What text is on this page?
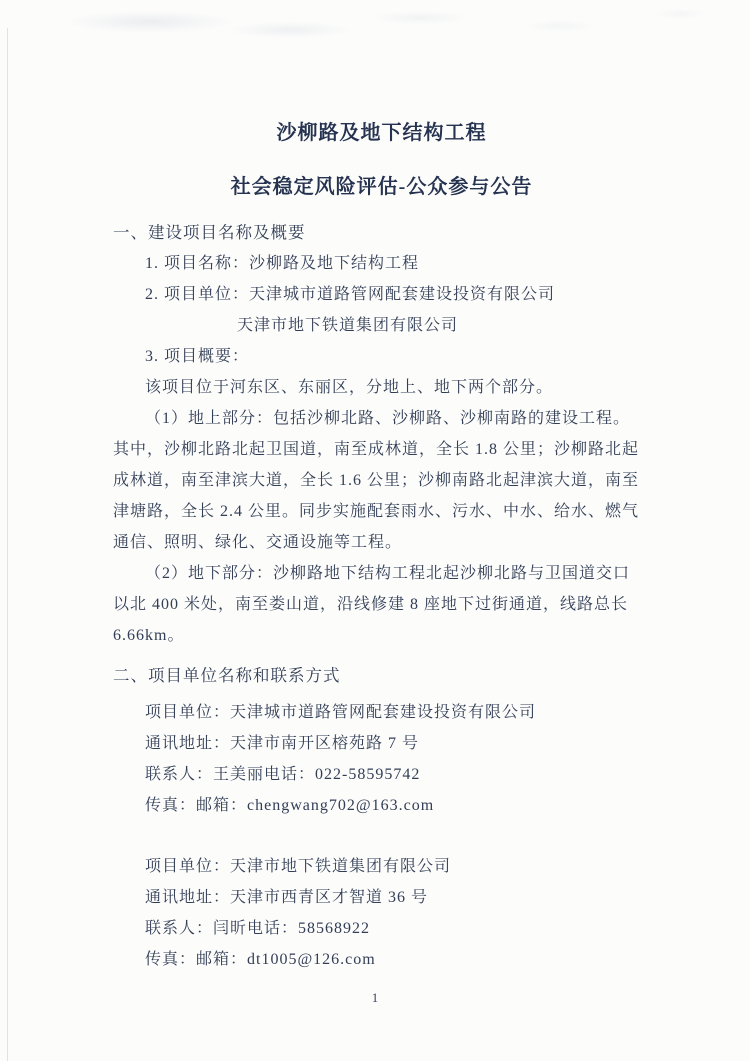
沙柳路及地下结构工程
社会稳定风险评估-公众参与公告
一、建设项目名称及概要
1. 项目名称：沙柳路及地下结构工程
2. 项目单位：天津城市道路管网配套建设投资有限公司
天津市地下铁道集团有限公司
3. 项目概要：
该项目位于河东区、东丽区，分地上、地下两个部分。
（1）地上部分：包括沙柳北路、沙柳路、沙柳南路的建设工程。
其中，沙柳北路北起卫国道，南至成林道，全长 1.8 公里；沙柳路北起
成林道，南至津滨大道，全长 1.6 公里；沙柳南路北起津滨大道，南至
津塘路，全长 2.4 公里。同步实施配套雨水、污水、中水、给水、燃气
通信、照明、绿化、交通设施等工程。
（2）地下部分：沙柳路地下结构工程北起沙柳北路与卫国道交口
以北 400 米处，南至娄山道，沿线修建 8 座地下过街通道，线路总长
6.66km。
二、项目单位名称和联系方式
项目单位：天津城市道路管网配套建设投资有限公司
通讯地址：天津市南开区榕苑路 7 号
联系人：王美丽电话：022-58595742
传真：邮箱：chengwang702@163.com
项目单位：天津市地下铁道集团有限公司
通讯地址：天津市西青区才智道 36 号
联系人：闫昕电话：58568922
传真：邮箱：dt1005@126.com
1
